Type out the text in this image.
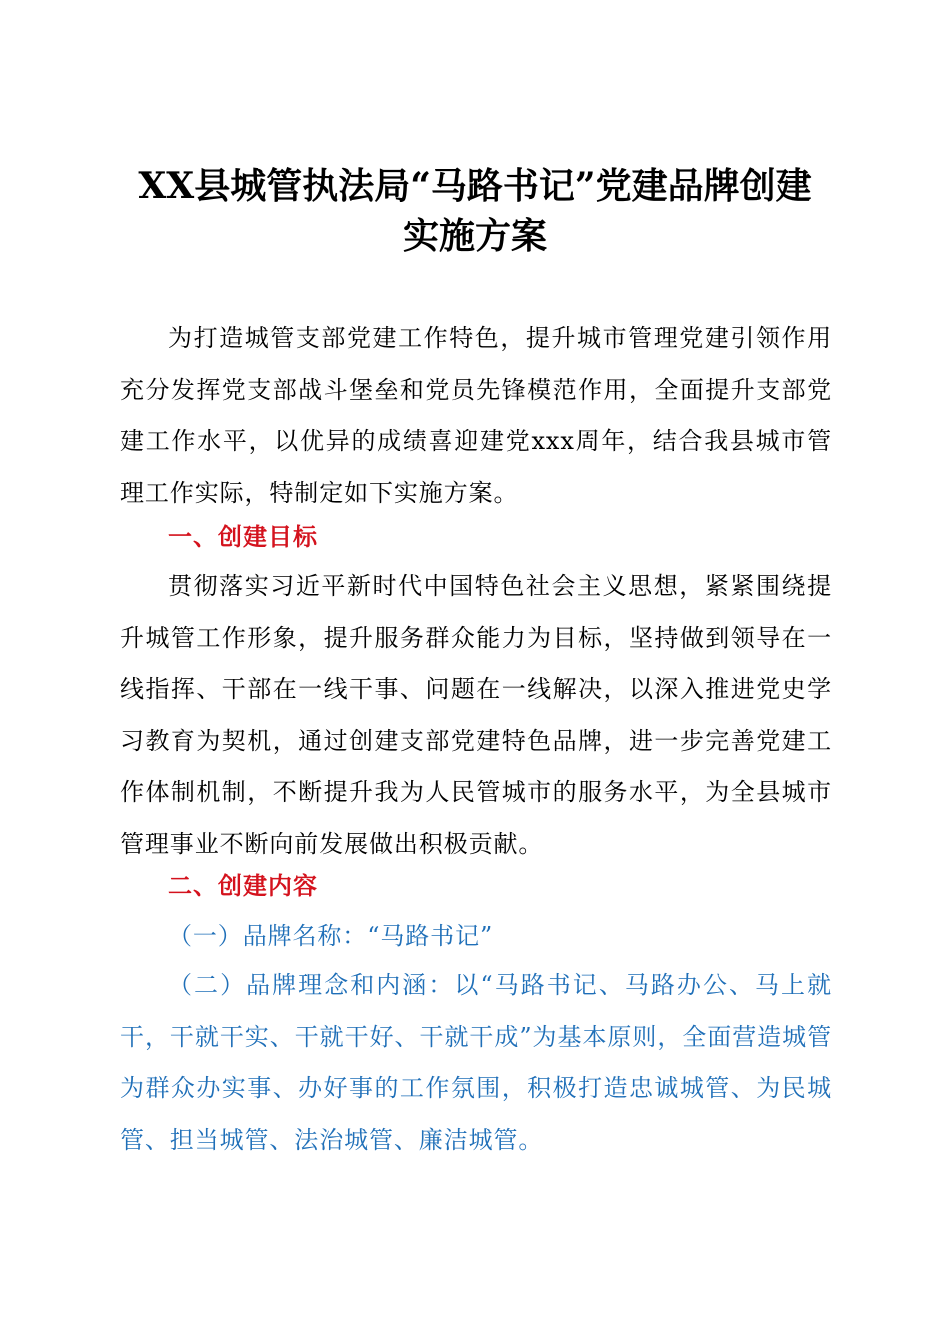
XX县城管执法局“马路书记”党建品牌创建
实施方案

为打造城管支部党建工作特色，提升城市管理党建引领作用充分发挥党支部战斗堡垒和党员先锋模范作用，全面提升支部党建工作水平，以优异的成绩喜迎建党xxx周年，结合我县城市管理工作实际，特制定如下实施方案。

一、创建目标

贯彻落实习近平新时代中国特色社会主义思想，紧紧围绕提升城管工作形象，提升服务群众能力为目标，坚持做到领导在一线指挥、干部在一线干事、问题在一线解决，以深入推进党史学习教育为契机，通过创建支部党建特色品牌，进一步完善党建工作体制机制，不断提升我为人民管城市的服务水平，为全县城市管理事业不断向前发展做出积极贡献。

二、创建内容

（一）品牌名称：“马路书记”

（二）品牌理念和内涵：以“马路书记、马路办公、马上就干，干就干实、干就干好、干就干成”为基本原则，全面营造城管为群众办实事、办好事的工作氛围，积极打造忠诚城管、为民城管、担当城管、法治城管、廉洁城管。
